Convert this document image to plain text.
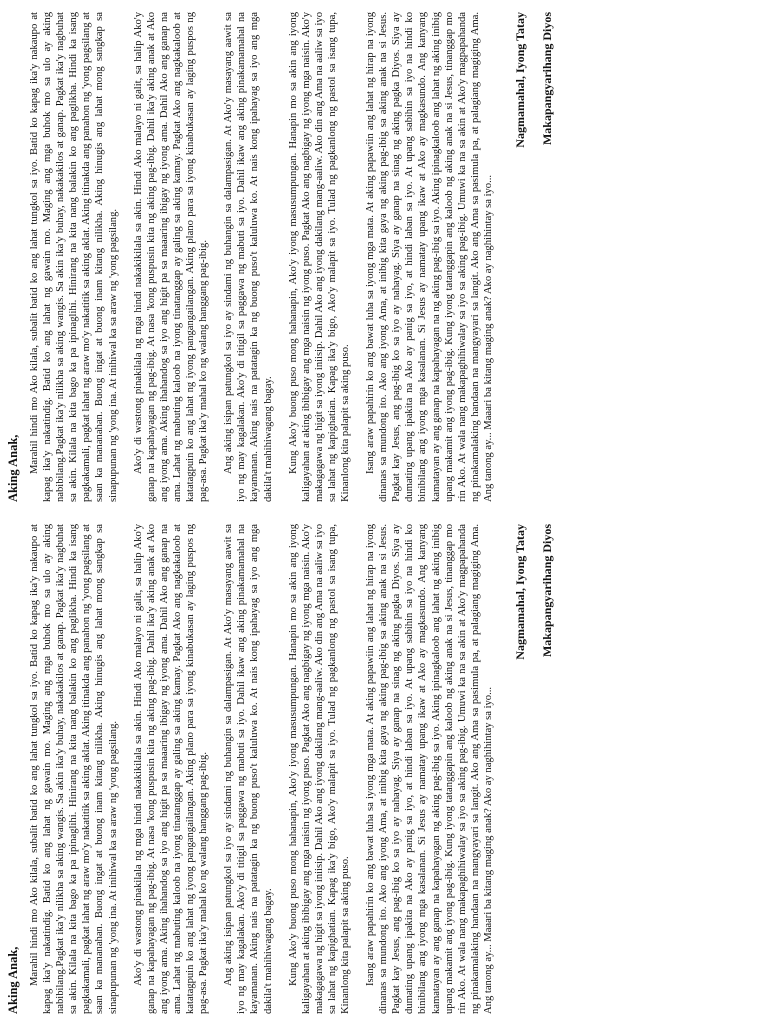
Aking Anak, Marahil hindi mo Ako kilala, subalit batid ko ang lahat tungkol sa iyo. Batid ko kapag ika'y nakaupo at kapag ika'y nakatindig. Batid ko ang lahat ng gawain mo. Maging ang mga buhok mo sa ulo ay aking nabibilang.Pagkat ika'y nilikha sa aking wangis. Sa akin ika'y buhay, nakakakilos at ganap. Pagkat ika'y nagbuhat sa akin. Kilala na kita bago ka pa ipinaglihi. Hinirang na kita nang balakin ko ang paglikha. Hindi ka isang pagkakamali, pagkat lahat ng araw mo'y nakatitik sa aking aklat. Aking itinakda ang panahon ng 'yong pagsilang at saan ka mananahan. Buong ingat at buong inam kitang nilikha. Aking hinugis ang lahat mong sangkap sa sinapupunan ng 'yong ina. At inihiwal ka sa araw ng 'yong pagsilang. Ako'y di wastong pinakilala ng mga hindi nakakikilala sa akin. Hindi Ako malayo ni galit, sa halip Ako'y ganap na kapahayagan ng pag-ibig. At nasa 'kong puspusin kita ng aking pag-ibig. Dahil ika'y aking anak at Ako ang iyong ama. Aking ihahandog sa iyo ang higit pa sa maaaring ibigay ng iyong ama. Dahil Ako ang ganap na ama. Lahat ng mabuting kaloob na iyong tinatanggap ay galing sa aking kamay. Pagkat Ako ang nagkakaloob at katatagpuin ko ang lahat ng iyong pangangailangan. Aking plano para sa iyong kinabukasan ay laging puspos ng pag-asa. Pagkat ika'y mahal ko ng walang hanggang pag-ibig. Ang aking isipan patungkol sa iyo ay sindami ng buhangin sa dalampasigan. At Ako'y masayang aawit sa iyo ng may kagalakan. Ako'y di titigil sa paggawa ng mabuti sa iyo. Dahil ikaw ang aking pinakamamahal na kayamanan. Aking nais na patatagin ka ng buong puso't kaluluwa ko. At nais kong ipahayag sa iyo ang mga dakila't mahihiwagang bagay. Kung Ako'y buong puso mong hahanapin, Ako'y iyong masusumpungan. Hanapin mo sa akin ang iyong kaligayahan at aking ibibigay ang mga naisin ng iyong puso. Pagkat Ako ang nagbigay ng iyong mga naisin. Ako'y makagagawa ng higit sa iyong iniisip. Dahil Ako ang iyong dakilang mang-aaliw. Ako din ang Ama na aaliw sa iyo sa lahat ng kapighatian. Kapag ika'y bigo, Ako'y malapit sa iyo. Tulad ng pagkanlong ng pastol sa isang tupa, Kinanlong kita palapit sa aking puso. Isang araw papahirin ko ang bawat luha sa iyong mga mata. At aking papawiin ang lahat ng hirap na iyong dinanas sa mundong ito. Ako ang iyong Ama, at inibig kita gaya ng aking pag-ibig sa aking anak na si Jesus. Pagkat kay Jesus, ang pag-ibig ko sa iyo ay nahayag. Siya ay ganap na sinag ng aking pagka Diyos. Siya ay dumating upang ipakita na Ako ay panig sa iyo, at hindi laban sa iyo. At upang sabihin sa iyo na hindi ko binibilang ang iyong mga kasalanan. Si Jesus ay namatay upang ikaw at Ako ay magkasundo. Ang kanyang kamatayan ay ang ganap na kapahayagan na ng aking pag-ibig sa iyo. Aking ipinagkaloob ang lahat ng aking inibig upang makamit ang iyong pag-ibig. Kung iyong tatanggapin ang kaloob ng aking anak na si Jesus, tinanggap mo rin Ako. At wala nang makapaghihiwalay sa iyo sa aking pag-ibig. Umuwi ka na sa akin at Ako'y magpapahanda ng pinakamalaking handaan na mangyayari sa langit. Ako ang Ama sa pasimula pa, at palagiang magiging Ama. Ang tanong ay... Maaari ba kitang maging anak? Ako ay naghihintay sa iyo...

Nagmamahal, Iyong Tatay Makapangyarihang Diyos

Aking Anak, Marahil hindi mo Ako kilala, subalit batid ko ang lahat tungkol sa iyo. Batid ko kapag ika'y nakaupo at kapag ika'y nakatindig. Batid ko ang lahat ng gawain mo. Maging ang mga buhok mo sa ulo ay aking nabibilang.Pagkat ika'y nilikha sa aking wangis. Sa akin ika'y buhay, nakakakilos at ganap. Pagkat ika'y nagbuhat sa akin. Kilala na kita bago ka pa ipinaglihi. Hinirang na kita nang balakin ko ang paglikha. Hindi ka isang pagkakamali, pagkat lahat ng araw mo'y nakatitik sa aking aklat. Aking itinakda ang panahon ng 'yong pagsilang at saan ka mananahan. Buong ingat at buong inam kitang nilikha. Aking hinugis ang lahat mong sangkap sa sinapupunan ng 'yong ina. At inihiwal ka sa araw ng 'yong pagsilang. Ako'y di wastong pinakilala ng mga hindi nakakikilala sa akin. Hindi Ako malayo ni galit, sa halip Ako'y ganap na kapahayagan ng pag-ibig. At nasa 'kong puspusin kita ng aking pag-ibig. Dahil ika'y aking anak at Ako ang iyong ama. Aking ihahandog sa iyo ang higit pa sa maaaring ibigay ng iyong ama. Dahil Ako ang ganap na ama. Lahat ng mabuting kaloob na iyong tinatanggap ay galing sa aking kamay. Pagkat Ako ang nagkakaloob at katatagpuin ko ang lahat ng iyong pangangailangan. Aking plano para sa iyong kinabukasan ay laging puspos ng pag-asa. Pagkat ika'y mahal ko ng walang hanggang pag-ibig. Ang aking isipan patungkol sa iyo ay sindami ng buhangin sa dalampasigan. At Ako'y masayang aawit sa iyo ng may kagalakan. Ako'y di titigil sa paggawa ng mabuti sa iyo. Dahil ikaw ang aking pinakamamahal na kayamanan. Aking nais na patatagin ka ng buong puso't kaluluwa ko. At nais kong ipahayag sa iyo ang mga dakila't mahihiwagang bagay. Kung Ako'y buong puso mong hahanapin, Ako'y iyong masusumpungan. Hanapin mo sa akin ang iyong kaligayahan at aking ibibigay ang mga naisin ng iyong puso. Pagkat Ako ang nagbigay ng iyong mga naisin. Ako'y makagagawa ng higit sa iyong iniisip. Dahil Ako ang iyong dakilang mang-aaliw. Ako din ang Ama na aaliw sa iyo sa lahat ng kapighatian. Kapag ika'y bigo, Ako'y malapit sa iyo. Tulad ng pagkanlong ng pastol sa isang tupa, Kinanlong kita palapit sa aking puso. Isang araw papahirin ko ang bawat luha sa iyong mga mata. At aking papawiin ang lahat ng hirap na iyong dinanas sa mundong ito. Ako ang iyong Ama, at inibig kita gaya ng aking pag-ibig sa aking anak na si Jesus. Pagkat kay Jesus, ang pag-ibig ko sa iyo ay nahayag. Siya ay ganap na sinag ng aking pagka Diyos. Siya ay dumating upang ipakita na Ako ay panig sa iyo, at hindi laban sa iyo. At upang sabihin sa iyo na hindi ko binibilang ang iyong mga kasalanan. Si Jesus ay namatay upang ikaw at Ako ay magkasundo. Ang kanyang kamatayan ay ang ganap na kapahayagan ng aking pag-ibig sa iyo. Aking ipinagkaloob ang lahat ng aking inibig upang makamit ang iyong pag-ibig. Kung iyong tatanggapin ang kaloob ng aking anak na si Jesus, tinanggap mo rin Ako. At wala nang makapaghihiwalay sa iyo sa aking pag-ibig. Umuwi ka na sa akin at Ako'y magpapahanda ng pinakamalaking handaan na mangyayari sa langit. Ako ang Ama sa pasimula pa, at palagiang magiging Ama. Ang tanong ay... Maaari ba kitang maging anak? Ako ay naghihintay sa iyo...

Nagmamahal, Iyong Tatay Makapangyarihang Diyos
